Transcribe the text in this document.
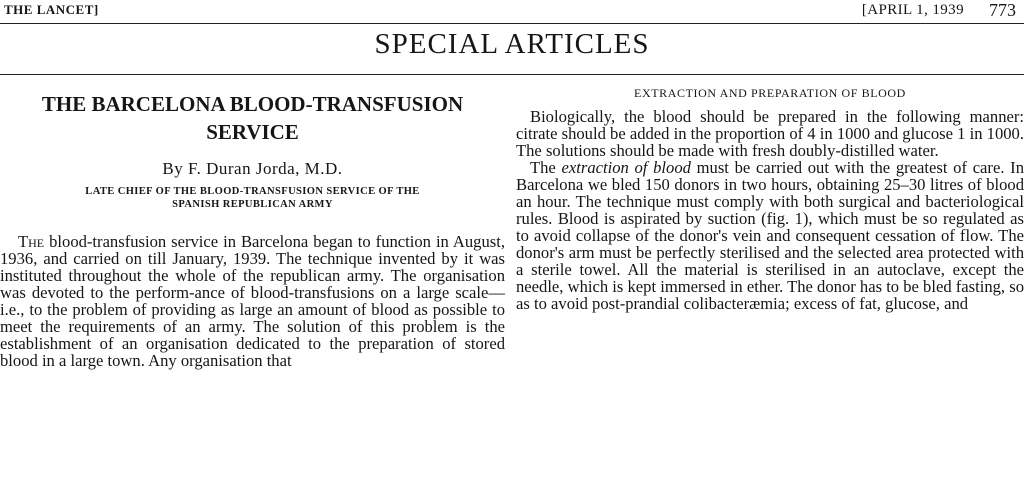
THE LANCET]	[APRIL 1, 1939 773
SPECIAL ARTICLES
THE BARCELONA BLOOD-TRANSFUSION
SERVICE
By F. Duran Jorda, M.D.
LATE CHIEF OF THE BLOOD-TRANSFUSION SERVICE OF THE
SPANISH REPUBLICAN ARMY

The blood-transfusion service in Barcelona began to function in August, 1936, and carried on till January, 1939. The technique invented by it was instituted throughout the whole of the republican army. The organisation was devoted to the perform-ance of blood-transfusions on a large scale—i.e., to the problem of providing as large an amount of blood as possible to meet the requirements of an army. The solution of this problem is the establishment of an organisation dedicated to the preparation of stored blood in a large town. Any organisation that

EXTRACTION AND PREPARATION OF BLOOD

Biologically, the blood should be prepared in the following manner: citrate should be added in the proportion of 4 in 1000 and glucose 1 in 1000. The solutions should be made with fresh doubly-distilled water.

The extraction of blood must be carried out with the greatest of care. In Barcelona we bled 150 donors in two hours, obtaining 25–30 litres of blood an hour. The technique must comply with both surgical and bacteriological rules. Blood is aspirated by suction (fig. 1), which must be so regulated as to avoid collapse of the donor's vein and consequent cessation of flow. The donor's arm must be perfectly sterilised and the selected area protected with a sterile towel. All the material is sterilised in an autoclave, except the needle, which is kept immersed in ether. The donor has to be bled fasting, so as to avoid post-prandial colibacteræmia; excess of fat, glucose, and
